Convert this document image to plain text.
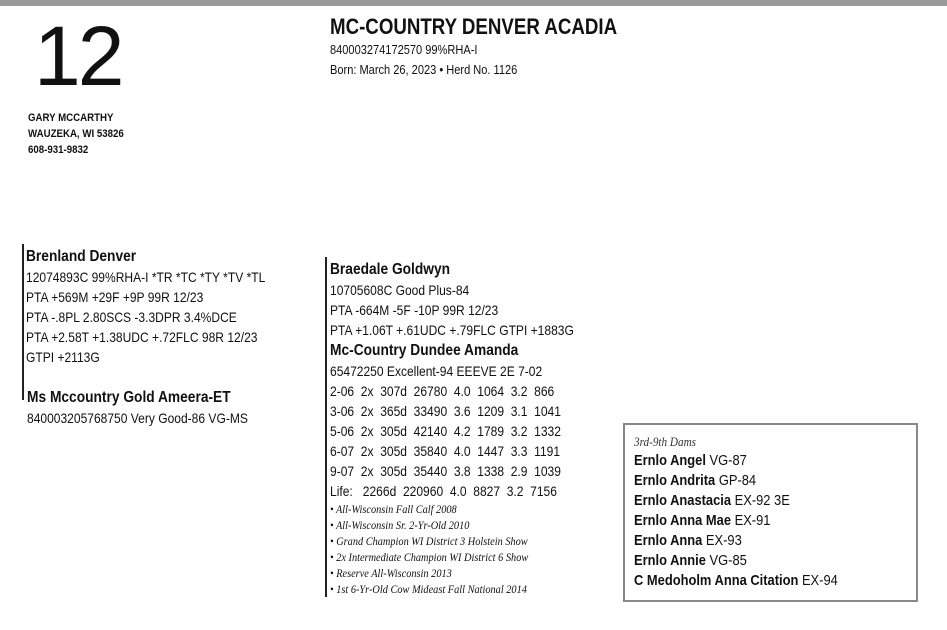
12
GARY MCCARTHY
WAUZEKA, WI 53826
608-931-9832
MC-COUNTRY DENVER ACADIA
840003274172570 99%RHA-I
Born: March 26, 2023 • Herd No. 1126
Brenland Denver
12074893C 99%RHA-I *TR *TC *TY *TV *TL
PTA +569M +29F +9P 99R 12/23
PTA -.8PL 2.80SCS -3.3DPR 3.4%DCE
PTA +2.58T +1.38UDC +.72FLC 98R 12/23
GTPI +2113G
Ms Mccountry Gold Ameera-ET
840003205768750 Very Good-86 VG-MS
Braedale Goldwyn
10705608C Good Plus-84
PTA -664M -5F -10P 99R 12/23
PTA +1.06T +.61UDC +.79FLC GTPI +1883G
Mc-Country Dundee Amanda
65472250 Excellent-94 EEEVE 2E 7-02
2-06  2x  307d  26780  4.0  1064  3.2  866
3-06  2x  365d  33490  3.6  1209  3.1  1041
5-06  2x  305d  42140  4.2  1789  3.2  1332
6-07  2x  305d  35840  4.0  1447  3.3  1191
9-07  2x  305d  35440  3.8  1338  2.9  1039
Life:   2266d  220960  4.0  8827  3.2  7156
• All-Wisconsin Fall Calf 2008
• All-Wisconsin Sr. 2-Yr-Old 2010
• Grand Champion WI District 3 Holstein Show
• 2x Intermediate Champion WI District 6 Show
• Reserve All-Wisconsin 2013
• 1st 6-Yr-Old Cow Mideast Fall National 2014
3rd-9th Dams
Ernlo Angel VG-87
Ernlo Andrita GP-84
Ernlo Anastacia EX-92 3E
Ernlo Anna Mae EX-91
Ernlo Anna EX-93
Ernlo Annie VG-85
C Medoholm Anna Citation EX-94
